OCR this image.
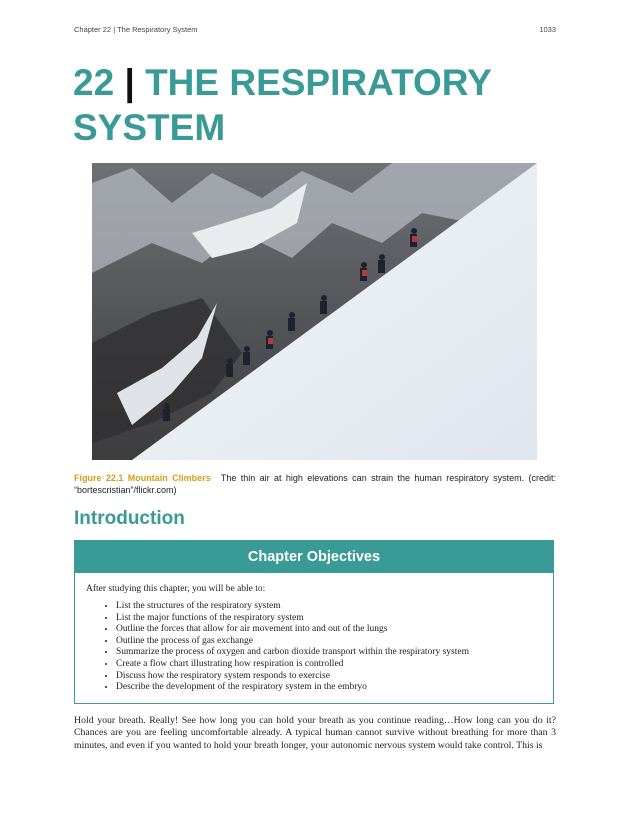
Chapter 22 | The Respiratory System	1033
22 | THE RESPIRATORY
SYSTEM
Figure 22.1 Mountain Climbers The thin air at high elevations can strain the human respiratory system. (credit: “bortescristian”/flickr.com)
Introduction
Chapter Objectives
After studying this chapter, you will be able to:
• List the structures of the respiratory system
• List the major functions of the respiratory system
• Outline the forces that allow for air movement into and out of the lungs
• Outline the process of gas exchange
• Summarize the process of oxygen and carbon dioxide transport within the respiratory system
• Create a flow chart illustrating how respiration is controlled
• Discuss how the respiratory system responds to exercise
• Describe the development of the respiratory system in the embryo

Hold your breath. Really! See how long you can hold your breath as you continue reading…How long can you do it? Chances are you are feeling uncomfortable already. A typical human cannot survive without breathing for more than 3 minutes, and even if you wanted to hold your breath longer, your autonomic nervous system would take control. This is
